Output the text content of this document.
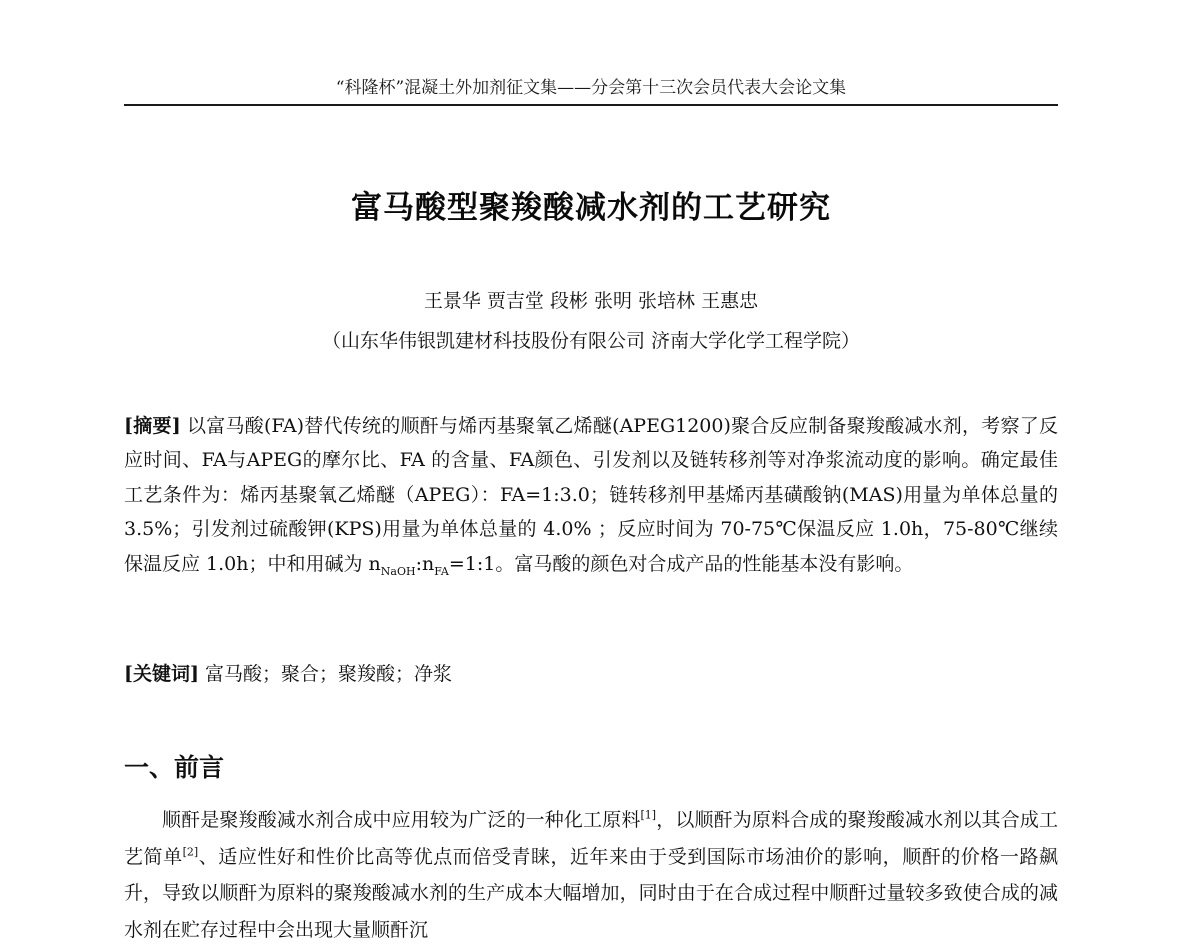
“科隆杯”混凝土外加剂征文集——分会第十三次会员代表大会论文集
富马酸型聚羧酸减水剂的工艺研究
王景华 贾吉堂 段彬 张明 张培林 王惠忠
（山东华伟银凯建材科技股份有限公司 济南大学化学工程学院）
[摘要] 以富马酸(FA)替代传统的顺酐与烯丙基聚氧乙烯醚(APEG1200)聚合反应制备聚羧酸减水剂，考察了反应时间、FA与APEG的摩尔比、FA 的含量、FA颜色、引发剂以及链转移剂等对净浆流动度的影响。确定最佳工艺条件为：烯丙基聚氧乙烯醚（APEG）：FA=1:3.0；链转移剂甲基烯丙基磺酸钠(MAS)用量为单体总量的 3.5%；引发剂过硫酸钾(KPS)用量为单体总量的 4.0% ；反应时间为 70-75℃保温反应 1.0h，75-80℃继续保温反应 1.0h；中和用碱为 $n_{NaOH}:n_{FA}=1:1$。富马酸的颜色对合成产品的性能基本没有影响。
[关键词] 富马酸；聚合；聚羧酸；净浆
一、前言
顺酐是聚羧酸减水剂合成中应用较为广泛的一种化工原料[1]，以顺酐为原料合成的聚羧酸减水剂以其合成工艺简单[2]、适应性好和性价比高等优点而倍受青睐，近年来由于受到国际市场油价的影响，顺酐的价格一路飙升，导致以顺酐为原料的聚羧酸减水剂的生产成本大幅增加，同时由于在合成过程中顺酐过量较多致使合成的减水剂在贮存过程中会出现大量顺酐沉
